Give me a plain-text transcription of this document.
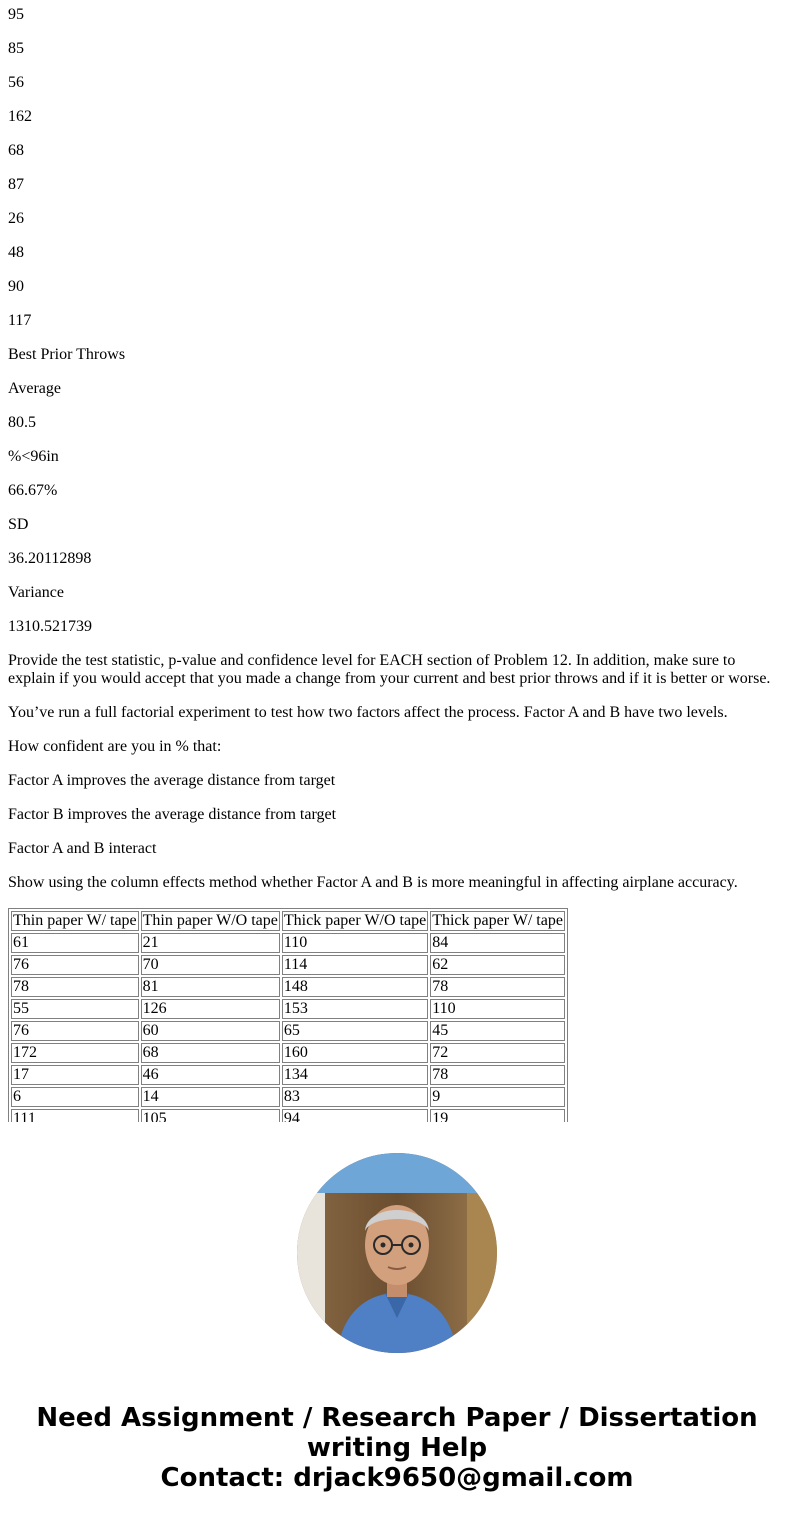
95

85

56

162

68

87

26

48

90

117

Best Prior Throws

Average

80.5

%<96in

66.67%

SD

36.20112898

Variance

1310.521739

Provide the test statistic, p-value and confidence level for EACH section of Problem 12. In addition, make sure to explain if you would accept that you made a change from your current and best prior throws and if it is better or worse.

You’ve run a full factorial experiment to test how two factors affect the process. Factor A and B have two levels.

How confident are you in % that:

Factor A improves the average distance from target

Factor B improves the average distance from target

Factor A and B interact

Show using the column effects method whether Factor A and B is more meaningful in affecting airplane accuracy.

Thin paper W/ tape	Thin paper W/O tape	Thick paper W/O tape	Thick paper W/ tape
61	21	110	84
76	70	114	62
78	81	148	78
55	126	153	110
76	60	65	45
172	68	160	72
17	46	134	78
6	14	83	9
111	105	94	19
Need Assignment / Research Paper / Dissertation
writing Help
Contact: drjack9650@gmail.com
